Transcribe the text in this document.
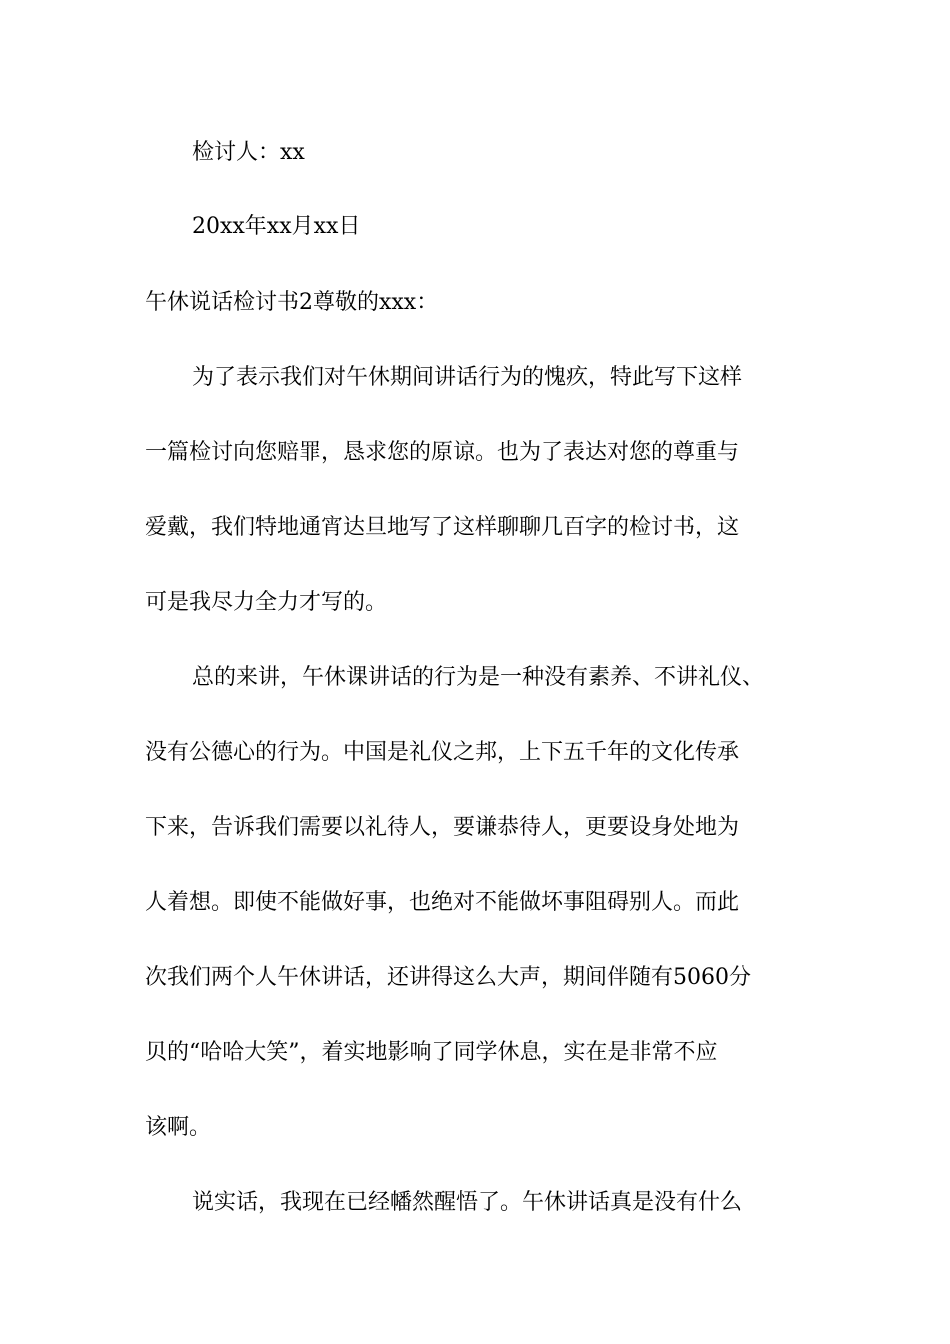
检讨人：xx
20xx年xx月xx日
午休说话检讨书2尊敬的xxx：
为了表示我们对午休期间讲话行为的愧疚，特此写下这样
一篇检讨向您赔罪，恳求您的原谅。也为了表达对您的尊重与
爱戴，我们特地通宵达旦地写了这样聊聊几百字的检讨书，这
可是我尽力全力才写的。
总的来讲，午休课讲话的行为是一种没有素养、不讲礼仪、
没有公德心的行为。中国是礼仪之邦，上下五千年的文化传承
下来，告诉我们需要以礼待人，要谦恭待人，更要设身处地为
人着想。即使不能做好事，也绝对不能做坏事阻碍别人。而此
次我们两个人午休讲话，还讲得这么大声，期间伴随有5060分
贝的“哈哈大笑”，着实地影响了同学休息，实在是非常不应
该啊。
说实话，我现在已经幡然醒悟了。午休讲话真是没有什么
